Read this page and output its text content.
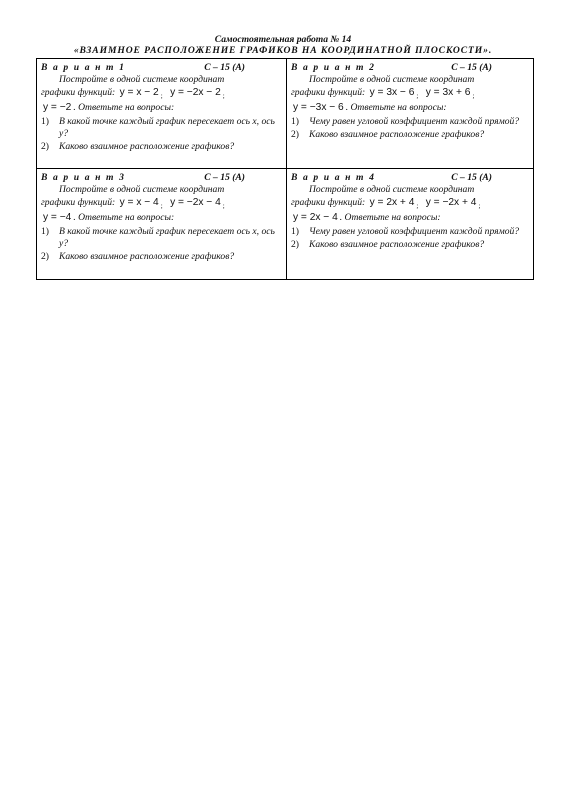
Самостоятельная работа № 14
«ВЗАИМНОЕ РАСПОЛОЖЕНИЕ ГРАФИКОВ НА КООРДИНАТНОЙ ПЛОСКОСТИ».
В а р и а н т 1	С – 15 (А)
Постройте в одной системе координат
графики функций: y = x − 2 $_;$ y = −2x − 2 $_;$
y = −2 . Ответьте на вопросы:
1)	В какой точке каждый график пересекает ось x, ось y?
2)	Каково взаимное расположение графиков?
В а р и а н т 2	С – 15 (А)
Постройте в одной системе координат
графики функций: y = 3x − 6 $_;$ y = 3x + 6 $_;$
y = −3x − 6 . Ответьте на вопросы:
1)	Чему равен угловой коэффициент каждой прямой?
2)	Каково взаимное расположение графиков?
В а р и а н т 3	С – 15 (А)
Постройте в одной системе координат
графики функций: y = x − 4 $_;$ y = −2x − 4 $_;$
y = −4 . Ответьте на вопросы:
1)	В какой точке каждый график пересекает ось x, ось y?
2)	Каково взаимное расположение графиков?
В а р и а н т 4	С – 15 (А)
Постройте в одной системе координат
графики функций: y = 2x + 4 $_;$ y = −2x + 4 $_;$
y = 2x − 4 . Ответьте на вопросы:
1)	Чему равен угловой коэффициент каждой прямой?
2)	Каково взаимное расположение графиков?
